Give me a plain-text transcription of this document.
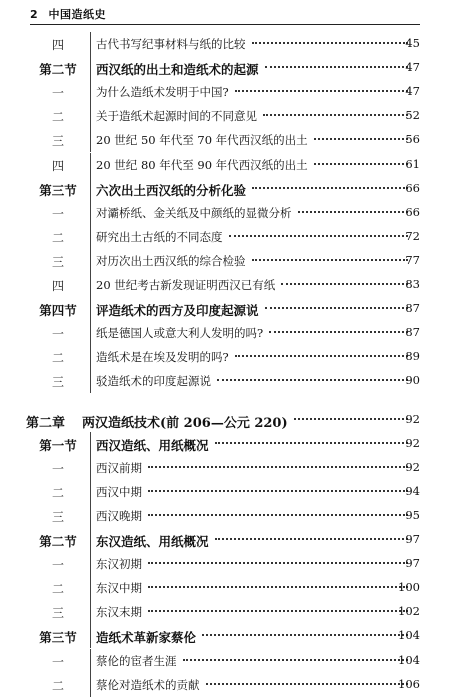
2 中国造纸史
四	古代书写纪事材料与纸的比较	45
第二节	西汉纸的出土和造纸术的起源	47
一	为什么造纸术发明于中国?	47
二	关于造纸术起源时间的不同意见	52
三	20 世纪 50 年代至 70 年代西汉纸的出土	56
四	20 世纪 80 年代至 90 年代西汉纸的出土	61
第三节	六次出土西汉纸的分析化验	66
一	对灞桥纸、金关纸及中颜纸的显微分析	66
二	研究出土古纸的不同态度	72
三	对历次出土西汉纸的综合检验	77
四	20 世纪考古新发现证明西汉已有纸	83
第四节	评造纸术的西方及印度起源说	87
一	纸是德国人或意大利人发明的吗?	87
二	造纸术是在埃及发明的吗?	89
三	驳造纸术的印度起源说	90
第二章 两汉造纸技术(前 206—公元 220)	92
第一节	西汉造纸、用纸概况	92
一	西汉前期	92
二	西汉中期	94
三	西汉晚期	95
第二节	东汉造纸、用纸概况	97
一	东汉初期	97
二	东汉中期	100
三	东汉末期	102
第三节	造纸术革新家蔡伦	104
一	蔡伦的宦者生涯	104
二	蔡伦对造纸术的贡献	106
